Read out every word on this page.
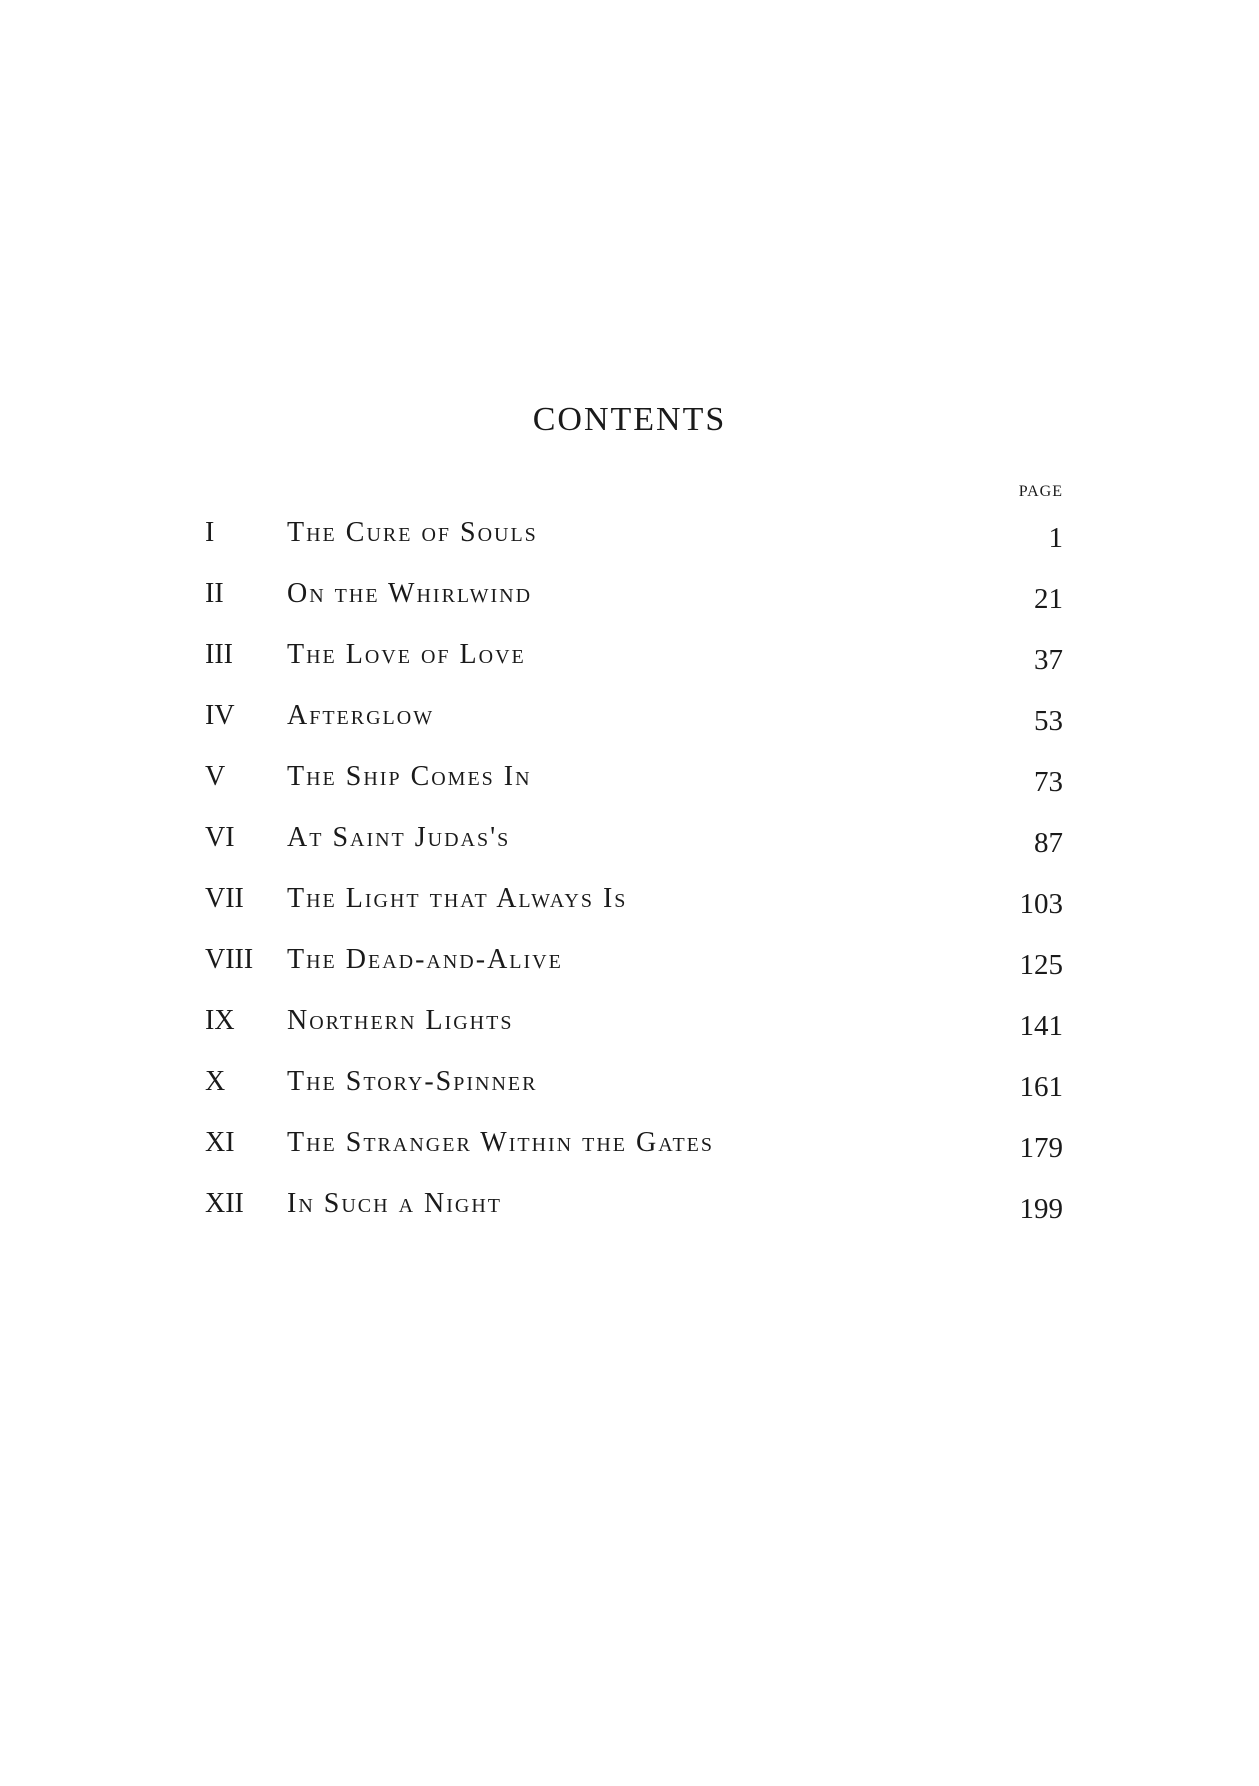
CONTENTS
PAGE
I	The Cure of Souls	1
II On the Whirlwind	21
III The Love of Love	37
IV Afterglow	53
V The Ship Comes In	73
VI At Saint Judas's	87
VII The Light that Always Is	103
VIII The Dead-and-Alive	125
IX Northern Lights	141
X The Story-Spinner	161
XI The Stranger Within the Gates	179
XII In Such a Night	199
